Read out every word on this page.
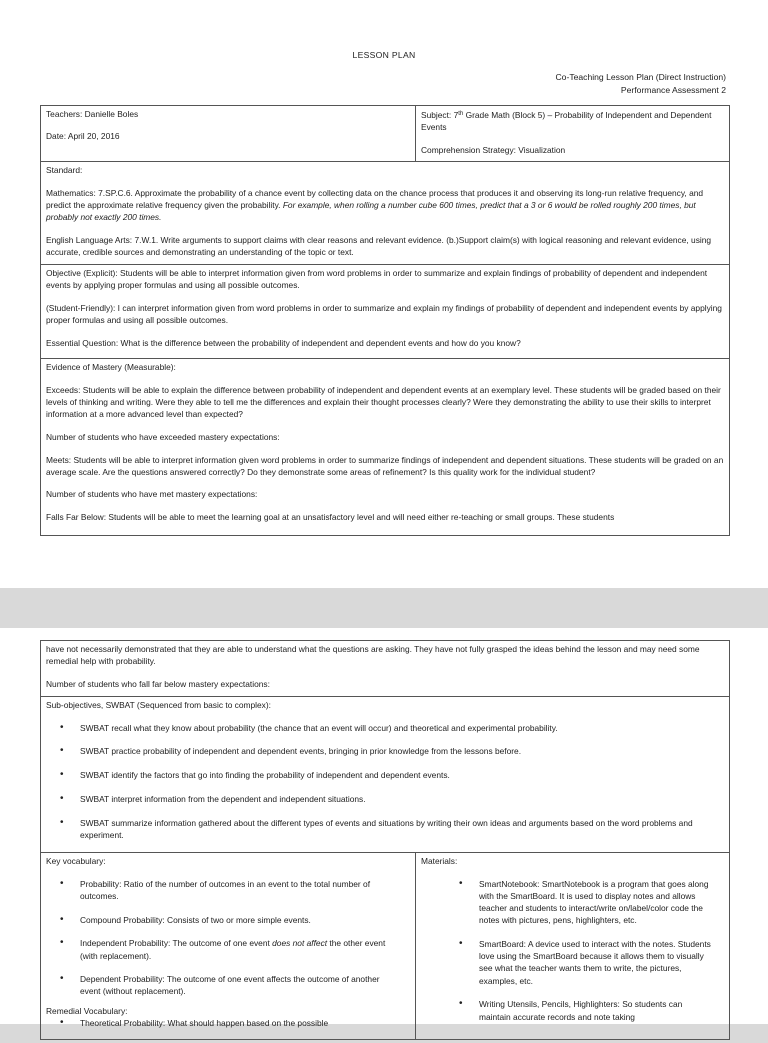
LESSON PLAN
Co-Teaching Lesson Plan (Direct Instruction)
Performance Assessment 2
Teachers: Danielle Boles
Date: April 20, 2016
Subject: 7th Grade Math (Block 5) – Probability of Independent and Dependent Events
Comprehension Strategy: Visualization

Standard:

Mathematics: 7.SP.C.6. Approximate the probability of a chance event by collecting data on the chance process that produces it and observing its long-run relative frequency, and predict the approximate relative frequency given the probability. For example, when rolling a number cube 600 times, predict that a 3 or 6 would be rolled roughly 200 times, but probably not exactly 200 times.

English Language Arts: 7.W.1. Write arguments to support claims with clear reasons and relevant evidence. (b.)Support claim(s) with logical reasoning and relevant evidence, using accurate, credible sources and demonstrating an understanding of the topic or text.

Objective (Explicit): Students will be able to interpret information given from word problems in order to summarize and explain findings of probability of dependent and independent events by applying proper formulas and using all possible outcomes.

(Student-Friendly): I can interpret information given from word problems in order to summarize and explain my findings of probability of dependent and independent events by applying proper formulas and using all possible outcomes.

Essential Question: What is the difference between the probability of independent and dependent events and how do you know?

Evidence of Mastery (Measurable):

Exceeds: Students will be able to explain the difference between probability of independent and dependent events at an exemplary level. These students will be graded based on their levels of thinking and writing. Were they able to tell me the differences and explain their thought processes clearly? Were they demonstrating the ability to use their skills to interpret information at a more advanced level than expected?

Number of students who have exceeded mastery expectations:

Meets: Students will be able to interpret information given word problems in order to summarize findings of independent and dependent situations. These students will be graded on an average scale. Are the questions answered correctly? Do they demonstrate some areas of refinement? Is this quality work for the individual student?

Number of students who have met mastery expectations:

Falls Far Below: Students will be able to meet the learning goal at an unsatisfactory level and will need either re-teaching or small groups. These students

have not necessarily demonstrated that they are able to understand what the questions are asking. They have not fully grasped the ideas behind the lesson and may need some remedial help with probability.

Number of students who fall far below mastery expectations:

Sub-objectives, SWBAT (Sequenced from basic to complex):

• SWBAT recall what they know about probability (the chance that an event will occur) and theoretical and experimental probability.
• SWBAT practice probability of independent and dependent events, bringing in prior knowledge from the lessons before.
• SWBAT identify the factors that go into finding the probability of independent and dependent events.
• SWBAT interpret information from the dependent and independent situations.
• SWBAT summarize information gathered about the different types of events and situations by writing their own ideas and arguments based on the word problems and experiment.

Key vocabulary:

• Probability: Ratio of the number of outcomes in an event to the total number of outcomes.
• Compound Probability: Consists of two or more simple events.
• Independent Probability: The outcome of one event does not affect the other event (with replacement).
• Dependent Probability: The outcome of one event affects the outcome of another event (without replacement).
Remedial Vocabulary:
• Theoretical Probability: What should happen based on the possible

Materials:

• SmartNotebook: SmartNotebook is a program that goes along with the SmartBoard. It is used to display notes and allows teacher and students to interact/write on/label/color code the notes with pictures, pens, highlighters, etc.
• SmartBoard: A device used to interact with the notes. Students love using the SmartBoard because it allows them to visually see what the teacher wants them to write, the pictures, examples, etc.
• Writing Utensils, Pencils, Highlighters: So students can maintain accurate records and note taking
